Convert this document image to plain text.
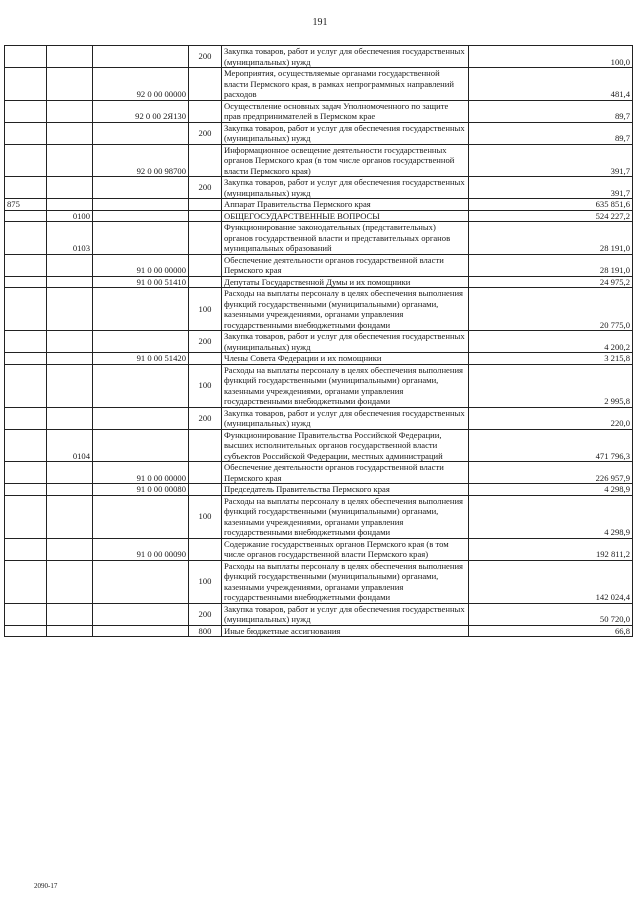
191
			200	Закупка товаров, работ и услуг для обеспечения государственных (муниципальных) нужд	100,0
		92 0 00 00000		Мероприятия, осуществляемые органами государственной власти Пермского края, в рамках непрограммных направлений расходов	481,4
		92 0 00 2Я130		Осуществление основных задач Уполномоченного по защите прав предпринимателей в Пермском крае	89,7
			200	Закупка товаров, работ и услуг для обеспечения государственных (муниципальных) нужд	89,7
		92 0 00 98700		Информационное освещение деятельности государственных органов Пермского края (в том числе органов государственной власти Пермского края)	391,7
			200	Закупка товаров, работ и услуг для обеспечения государственных (муниципальных) нужд	391,7
875				Аппарат Правительства Пермского края	635 851,6
	0100			ОБЩЕГОСУДАРСТВЕННЫЕ ВОПРОСЫ	524 227,2
	0103			Функционирование законодательных (представительных) органов государственной власти и представительных органов муниципальных образований	28 191,0
		91 0 00 00000		Обеспечение деятельности органов государственной власти Пермского края	28 191,0
		91 0 00 51410		Депутаты Государственной Думы и их помощники	24 975,2
			100	Расходы на выплаты персоналу в целях обеспечения выполнения функций государственными (муниципальными) органами, казенными учреждениями, органами управления государственными внебюджетными фондами	20 775,0
			200	Закупка товаров, работ и услуг для обеспечения государственных (муниципальных) нужд	4 200,2
		91 0 00 51420		Члены Совета Федерации и их помощники	3 215,8
			100	Расходы на выплаты персоналу в целях обеспечения выполнения функций государственными (муниципальными) органами, казенными учреждениями, органами управления государственными внебюджетными фондами	2 995,8
			200	Закупка товаров, работ и услуг для обеспечения государственных (муниципальных) нужд	220,0
	0104			Функционирование Правительства Российской Федерации, высших исполнительных органов государственной власти субъектов Российской Федерации, местных администраций	471 796,3
		91 0 00 00000		Обеспечение деятельности органов государственной власти Пермского края	226 957,9
		91 0 00 00080		Председатель Правительства Пермского края	4 298,9
			100	Расходы на выплаты персоналу в целях обеспечения выполнения функций государственными (муниципальными) органами, казенными учреждениями, органами управления государственными внебюджетными фондами	4 298,9
		91 0 00 00090		Содержание государственных органов Пермского края (в том числе органов государственной власти Пермского края)	192 811,2
			100	Расходы на выплаты персоналу в целях обеспечения выполнения функций государственными (муниципальными) органами, казенными учреждениями, органами управления государственными внебюджетными фондами	142 024,4
			200	Закупка товаров, работ и услуг для обеспечения государственных (муниципальных) нужд	50 720,0
			800	Иные бюджетные ассигнования	66,8
2090-17
